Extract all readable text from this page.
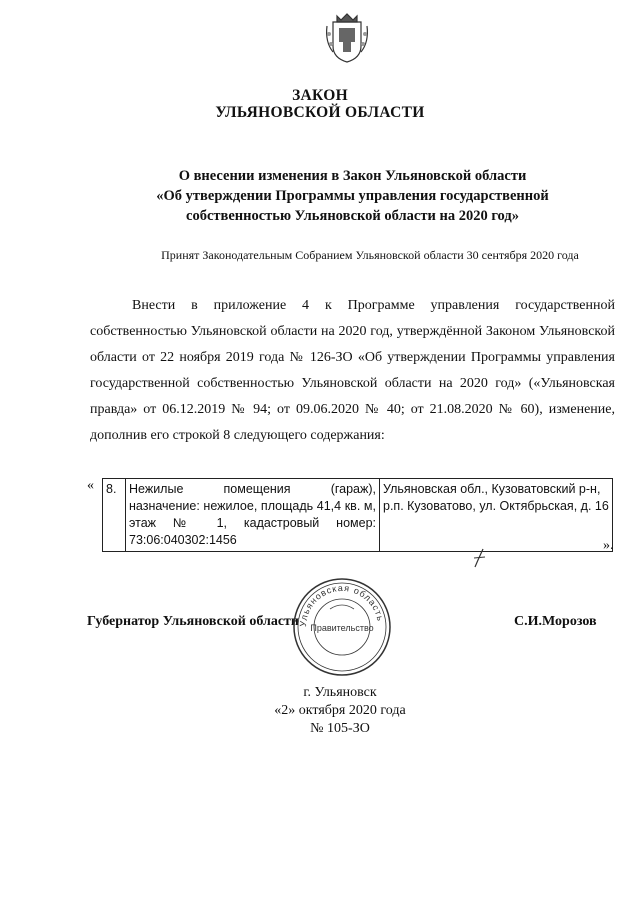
ЗАКОН
УЛЬЯНОВСКОЙ ОБЛАСТИ
О внесении изменения в Закон Ульяновской области
«Об утверждении Программы управления государственной
собственностью Ульяновской области на 2020 год»
Принят Законодательным Собранием Ульяновской области 30 сентября 2020 года
Внести в приложение 4 к Программе управления государственной собственностью Ульяновской области на 2020 год, утверждённой Законом Ульяновской области от 22 ноября 2019 года № 126-ЗО «Об утверждении Программы управления государственной собственностью Ульяновской области на 2020 год» («Ульяновская правда» от 06.12.2019 № 94; от 09.06.2020 № 40; от 21.08.2020 № 60), изменение, дополнив его строкой 8 следующего содержания:
« 8.	Нежилые помещения (гараж), назначение: нежилое, площадь 41,4 кв. м, этаж № 1, кадастровый номер: 73:06:040302:1456	Ульяновская обл., Кузоватовский р-н, р.п. Кузоватово, ул. Октябрьская, д. 16
».
Губернатор Ульяновской области	С.И.Морозов
Ульяновская область
Правительство
г. Ульяновск
«2» октября 2020 года
№ 105-ЗО
